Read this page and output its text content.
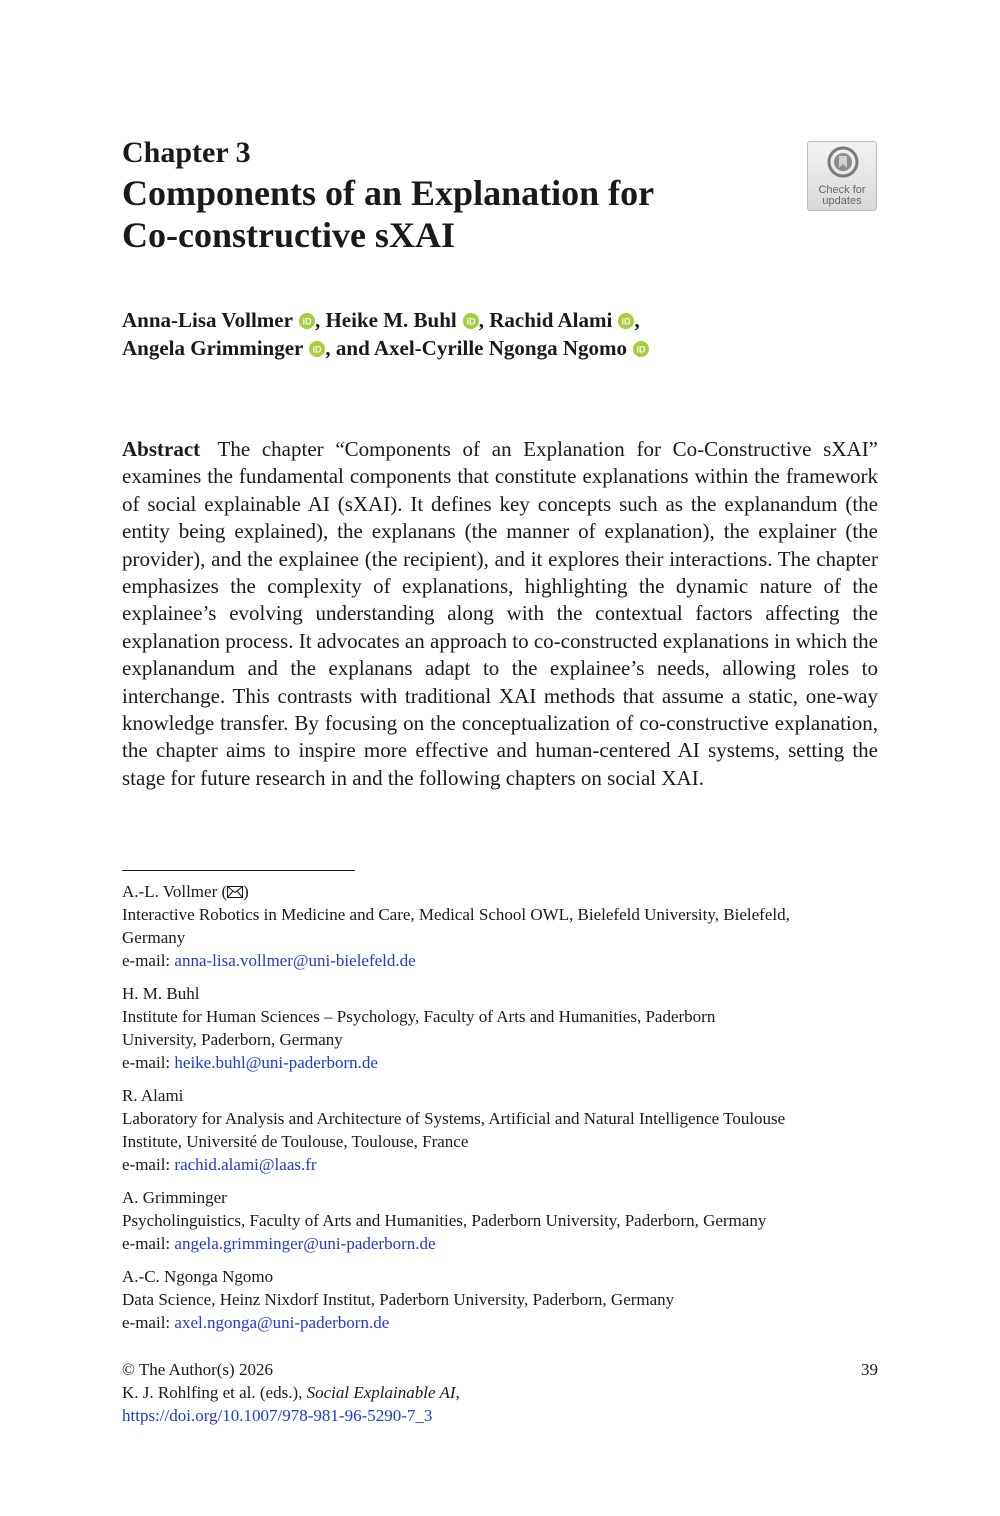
Chapter 3
Components of an Explanation for
Co-constructive sXAI
Check for
updates
Anna-Lisa Vollmer iD , Heike M. Buhl iD , Rachid Alami iD ,
Angela Grimminger iD , and Axel-Cyrille Ngonga Ngomo iD

Abstract The chapter “Components of an Explanation for Co-Constructive sXAI” examines the fundamental components that constitute explanations within the framework of social explainable AI (sXAI). It defines key concepts such as the explanandum (the entity being explained), the explanans (the manner of explanation), the explainer (the provider), and the explainee (the recipient), and it explores their interactions. The chapter emphasizes the complexity of explanations, highlighting the dynamic nature of the explainee’s evolving understanding along with the contextual factors affecting the explanation process. It advocates an approach to co-constructed explanations in which the explanandum and the explanans adapt to the explainee’s needs, allowing roles to interchange. This contrasts with traditional XAI methods that assume a static, one-way knowledge transfer. By focusing on the conceptualization of co-constructive explanation, the chapter aims to inspire more effective and human-centered AI systems, setting the stage for future research in and the following chapters on social XAI.

A.-L. Vollmer ( )
Interactive Robotics in Medicine and Care, Medical School OWL, Bielefeld University, Bielefeld,
Germany
e-mail: anna-lisa.vollmer@uni-bielefeld.de
H. M. Buhl
Institute for Human Sciences – Psychology, Faculty of Arts and Humanities, Paderborn
University, Paderborn, Germany
e-mail: heike.buhl@uni-paderborn.de
R. Alami
Laboratory for Analysis and Architecture of Systems, Artificial and Natural Intelligence Toulouse
Institute, Université de Toulouse, Toulouse, France
e-mail: rachid.alami@laas.fr
A. Grimminger
Psycholinguistics, Faculty of Arts and Humanities, Paderborn University, Paderborn, Germany
e-mail: angela.grimminger@uni-paderborn.de
A.-C. Ngonga Ngomo
Data Science, Heinz Nixdorf Institut, Paderborn University, Paderborn, Germany
e-mail: axel.ngonga@uni-paderborn.de
© The Author(s) 2026
K. J. Rohlfing et al. (eds.), Social Explainable AI,
https://doi.org/10.1007/978-981-96-5290-7_3
39
